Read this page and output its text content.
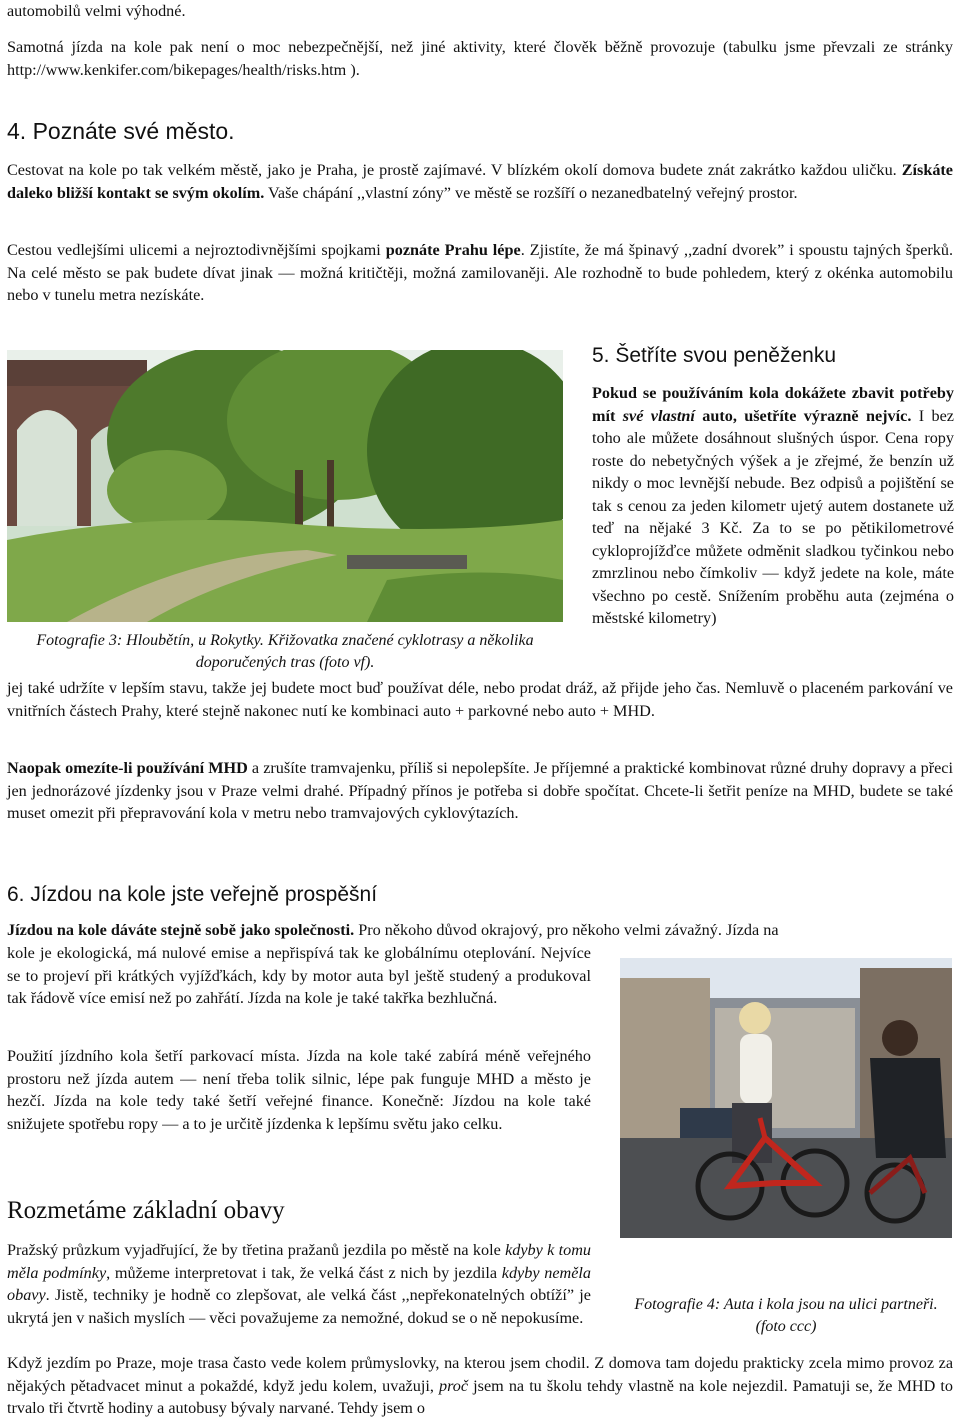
automobilů velmi výhodné.

Samotná jízda na kole pak není o moc nebezpečnější, než jiné aktivity, které člověk běžně provozuje (tabulku jsme převzali ze stránky http://www.kenkifer.com/bikepages/health/risks.htm ).

4. Poznáte své město.

Cestovat na kole po tak velkém městě, jako je Praha, je prostě zajímavé. V blízkém okolí domova budete znát zakrátko každou uličku. Získáte daleko bližší kontakt se svým okolím. Vaše chápání ,,vlastní zóny” ve městě se rozšíří o nezanedbatelný veřejný prostor.

Cestou vedlejšími ulicemi a nejroztodivnějšími spojkami poznáte Prahu lépe. Zjistíte, že má špinavý ,,zadní dvorek” i spoustu tajných šperků. Na celé město se pak budete dívat jinak — možná kritičtěji, možná zamilovaněji. Ale rozhodně to bude pohledem, který z okénka automobilu nebo v tunelu metra nezískáte.

Fotografie 3: Hloubětín, u Rokytky. Křižovatka značené cyklotrasy a několika doporučených tras (foto vf).

5. Šetříte svou peněženku

Pokud se používáním kola dokážete zbavit potřeby mít své vlastní auto, ušetříte výrazně nejvíc. I bez toho ale můžete dosáhnout slušných úspor. Cena ropy roste do nebetyčných výšek a je zřejmé, že benzín už nikdy o moc levnější nebude. Bez odpisů a pojištění se tak s cenou za jeden kilometr ujetý autem dostanete už teď na nějaké 3 Kč. Za to se po pětikilometrové cykloprojížďce můžete odměnit sladkou tyčinkou nebo zmrzlinou nebo čímkoliv — když jedete na kole, máte všechno po cestě. Snížením proběhu auta (zejména o městské kilometry)

jej také udržíte v lepším stavu, takže jej budete moct buď používat déle, nebo prodat dráž, až přijde jeho čas. Nemluvě o placeném parkování ve vnitřních částech Prahy, které stejně nakonec nutí ke kombinaci auto + parkovné nebo auto + MHD.

Naopak omezíte-li používání MHD a zrušíte tramvajenku, příliš si nepolepšíte. Je příjemné a praktické kombinovat různé druhy dopravy a přeci jen jednorázové jízdenky jsou v Praze velmi drahé. Případný přínos je potřeba si dobře spočítat. Chcete-li šetřit peníze na MHD, budete se také muset omezit při přepravování kola v metru nebo tramvajových cyklovýtazích.

6. Jízdou na kole jste veřejně prospěšní

Jízdou na kole dáváte stejně sobě jako společnosti. Pro někoho důvod okrajový, pro někoho velmi závažný. Jízda na

kole je ekologická, má nulové emise a nepřispívá tak ke globálnímu oteplování. Nejvíce se to projeví při krátkých vyjížďkách, kdy by motor auta byl ještě studený a produkoval tak řádově více emisí než po zahřátí. Jízda na kole je také takřka bezhlučná.

Použití jízdního kola šetří parkovací místa. Jízda na kole také zabírá méně veřejného prostoru než jízda autem — není třeba tolik silnic, lépe pak funguje MHD a město je hezčí. Jízda na kole tedy také šetří veřejné finance. Konečně: Jízdou na kole také snižujete spotřebu ropy — a to je určitě jízdenka k lepšímu světu jako celku.

Fotografie 4: Auta i kola jsou na ulici partneři. (foto ccc)

Rozmetáme základní obavy

Pražský průzkum vyjadřující, že by třetina pražanů jezdila po městě na kole kdyby k tomu měla podmínky, můžeme interpretovat i tak, že velká část z nich by jezdila kdyby neměla obavy. Jistě, techniky je hodně co zlepšovat, ale velká část ,,nepřekonatelných obtíží” je ukrytá jen v našich myslích — věci považujeme za nemožné, dokud se o ně nepokusíme.

Když jezdím po Praze, moje trasa často vede kolem průmyslovky, na kterou jsem chodil. Z domova tam dojedu prakticky zcela mimo provoz za nějakých pětadvacet minut a pokaždé, když jedu kolem, uvažuji, proč jsem na tu školu tehdy vlastně na kole nejezdil. Pamatuji se, že MHD to trvalo tři čtvrtě hodiny a autobusy bývaly narvané. Tehdy jsem o
